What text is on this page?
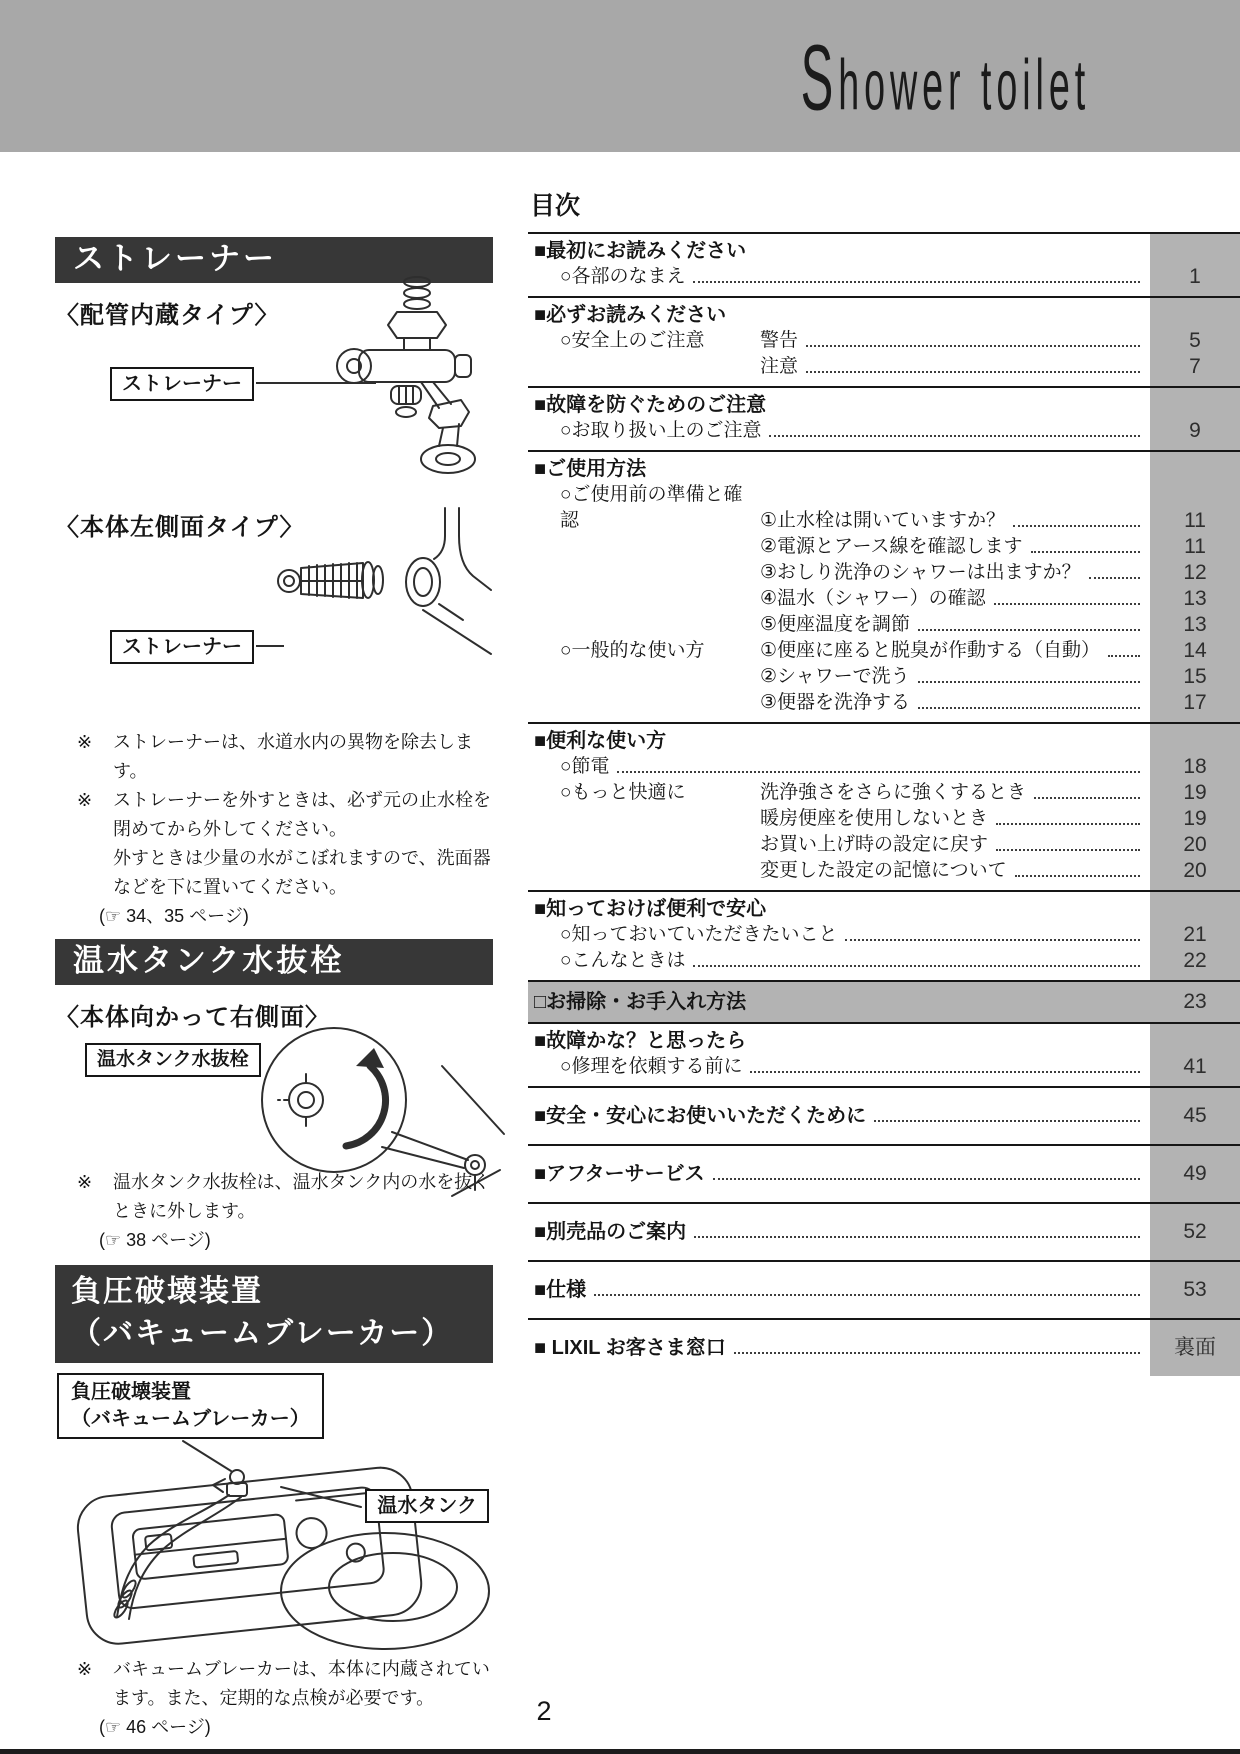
Shower toilet
ストレーナー
〈配管内蔵タイプ〉
ストレーナー
〈本体左側面タイプ〉
ストレーナー
※ ストレーナーは、水道水内の異物を除去します。
※ ストレーナーを外すときは、必ず元の止水栓を閉めてから外してください。
外すときは少量の水がこぼれますので、洗面器などを下に置いてください。
(☞ 34、35 ページ)
温水タンク水抜栓
〈本体向かって右側面〉
温水タンク水抜栓
※ 温水タンク水抜栓は、温水タンク内の水を抜くときに外します。
(☞ 38 ページ)
負圧破壊装置
（バキュームブレーカー）
負圧破壊装置
（バキュームブレーカー）
温水タンク
※ バキュームブレーカーは、本体に内蔵されています。また、定期的な点検が必要です。
(☞ 46 ページ)
目次
■最初にお読みください
○各部のなまえ	1
■必ずお読みください
○安全上のご注意	警告	5
注意	7
■故障を防ぐためのご注意
○お取り扱い上のご注意	9
■ご使用方法
○ご使用前の準備と確認	①止水栓は開いていますか？	11
②電源とアース線を確認します	11
③おしり洗浄のシャワーは出ますか？	12
④温水（シャワー）の確認	13
⑤便座温度を調節	13
○一般的な使い方	①便座に座ると脱臭が作動する（自動）	14
②シャワーで洗う	15
③便器を洗浄する	17
■便利な使い方
○節電	18
○もっと快適に	洗浄強さをさらに強くするとき	19
暖房便座を使用しないとき	19
お買い上げ時の設定に戻す	20
変更した設定の記憶について	20
■知っておけば便利で安心
○知っておいていただきたいこと	21
○こんなときは	22
□お掃除・お手入れ方法	23
■故障かな？と思ったら
○修理を依頼する前に	41
■安全・安心にお使いいただくために	45
■アフターサービス	49
■別売品のご案内	52
■仕様	53
■ LIXIL お客さま窓口	裏面
2
